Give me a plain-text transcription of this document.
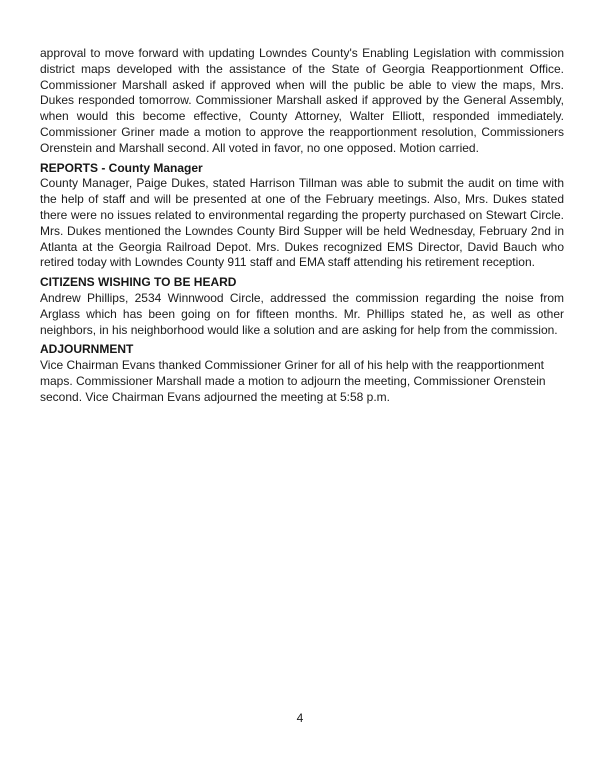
approval to move forward with updating Lowndes County's Enabling Legislation with commission district maps developed with the assistance of the State of Georgia Reapportionment Office. Commissioner Marshall asked if approved when will the public be able to view the maps, Mrs. Dukes responded tomorrow. Commissioner Marshall asked if approved by the General Assembly, when would this become effective, County Attorney, Walter Elliott, responded immediately. Commissioner Griner made a motion to approve the reapportionment resolution, Commissioners Orenstein and Marshall second. All voted in favor, no one opposed. Motion carried.

REPORTS - County Manager

County Manager, Paige Dukes, stated Harrison Tillman was able to submit the audit on time with the help of staff and will be presented at one of the February meetings. Also, Mrs. Dukes stated there were no issues related to environmental regarding the property purchased on Stewart Circle. Mrs. Dukes mentioned the Lowndes County Bird Supper will be held Wednesday, February 2nd in Atlanta at the Georgia Railroad Depot. Mrs. Dukes recognized EMS Director, David Bauch who retired today with Lowndes County 911 staff and EMA staff attending his retirement reception.

CITIZENS WISHING TO BE HEARD

Andrew Phillips, 2534 Winnwood Circle, addressed the commission regarding the noise from Arglass which has been going on for fifteen months. Mr. Phillips stated he, as well as other neighbors, in his neighborhood would like a solution and are asking for help from the commission.

ADJOURNMENT

Vice Chairman Evans thanked Commissioner Griner for all of his help with the reapportionment maps. Commissioner Marshall made a motion to adjourn the meeting, Commissioner Orenstein second. Vice Chairman Evans adjourned the meeting at 5:58 p.m.

4
